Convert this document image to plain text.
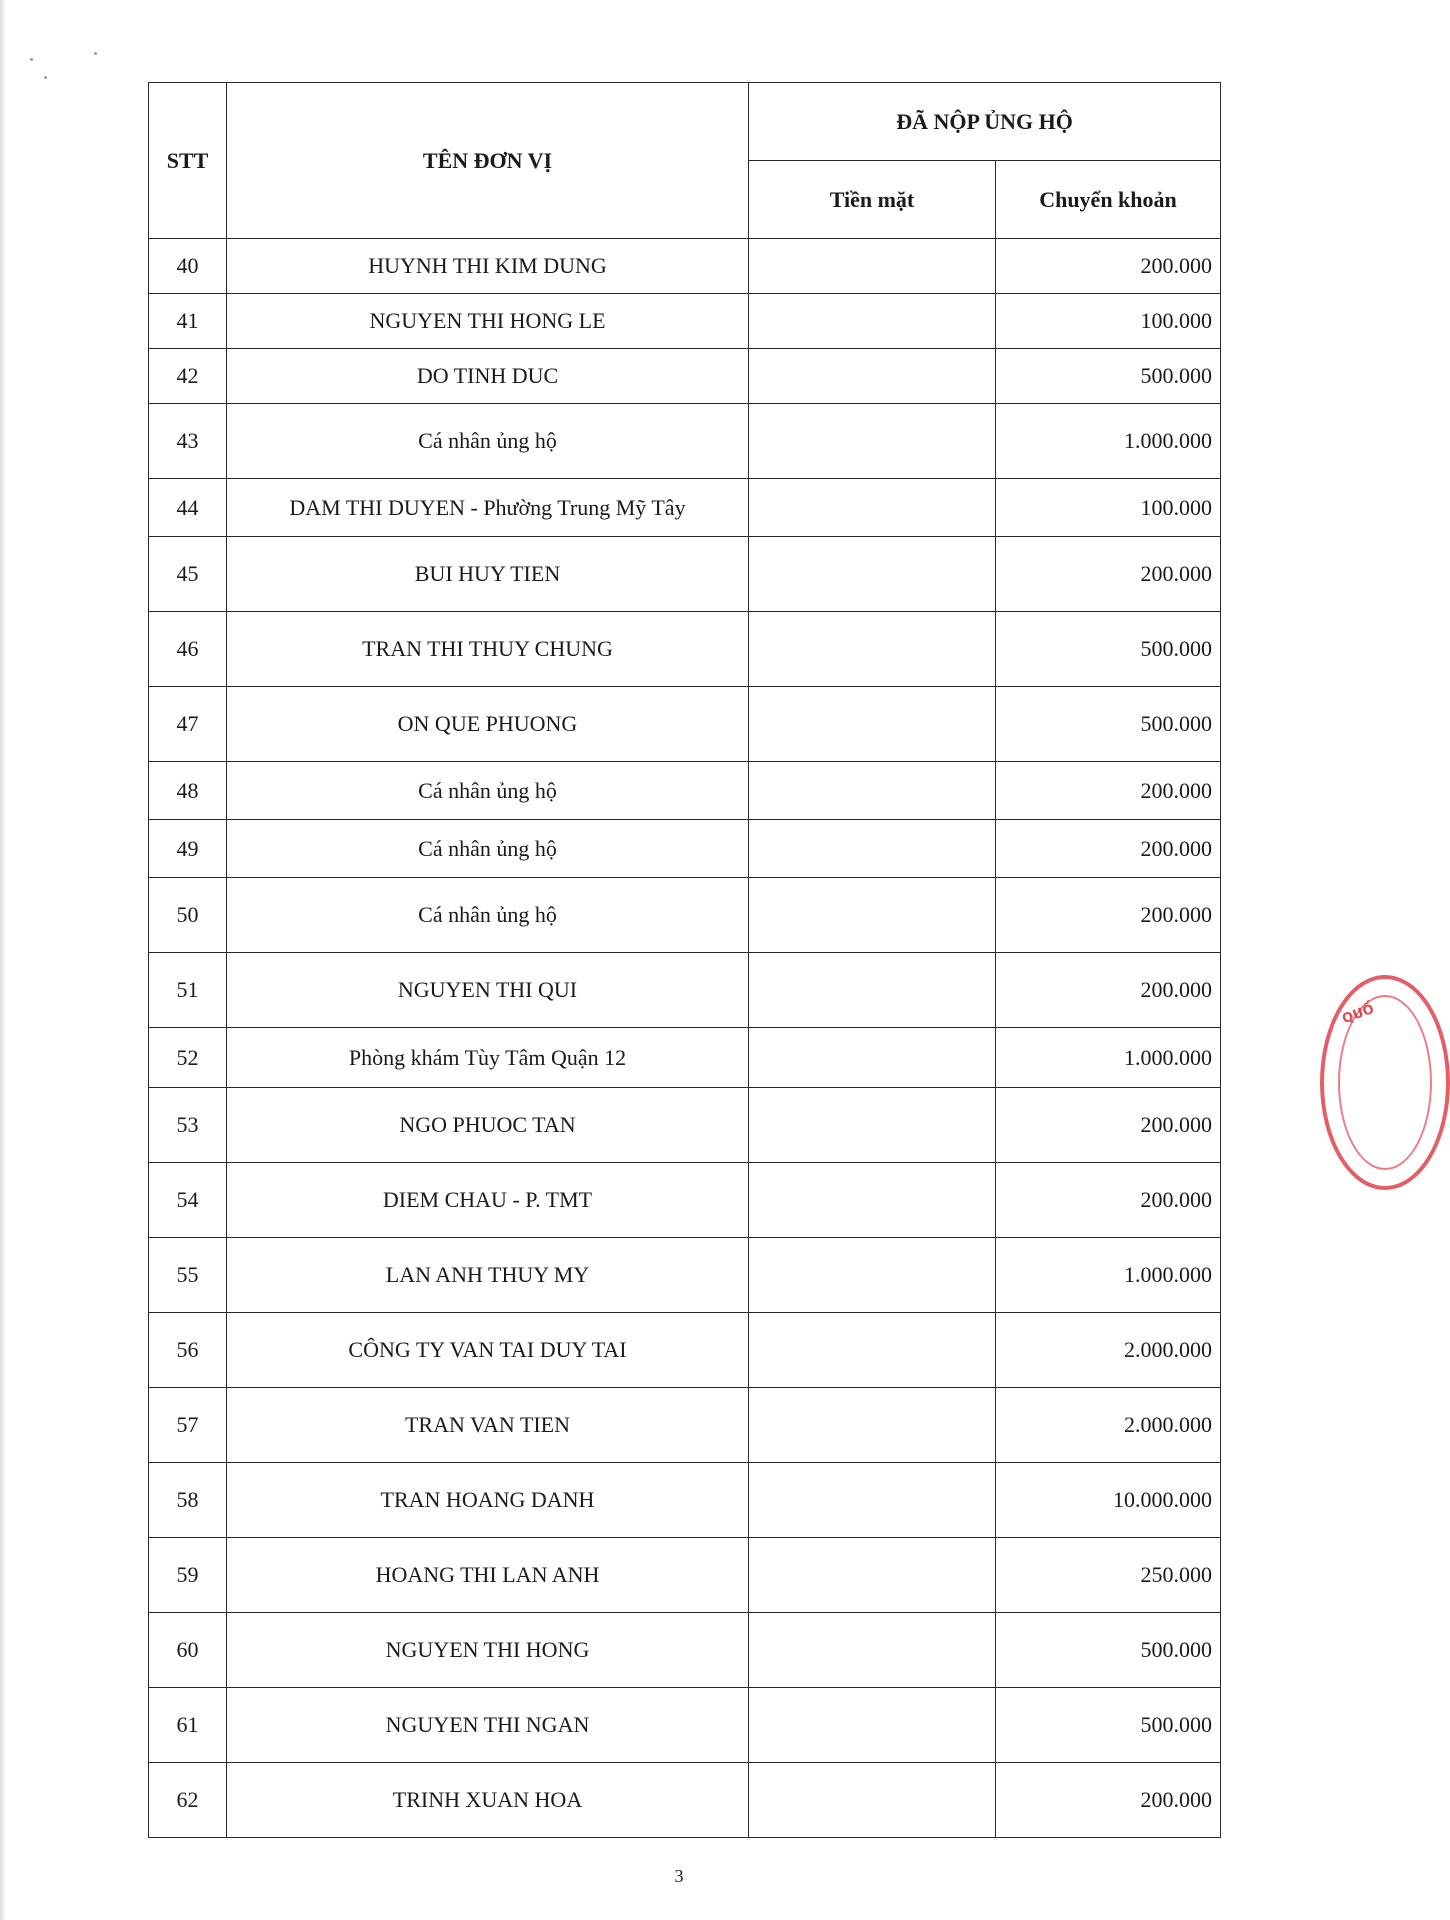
STT	TÊN ĐƠN VỊ	ĐÃ NỘP ỦNG HỘ	
		Tiền mặt	Chuyển khoản
40	HUYNH THI KIM DUNG		200.000
41	NGUYEN THI HONG LE		100.000
42	DO TINH DUC		500.000
43	Cá nhân ủng hộ		1.000.000
44	DAM THI DUYEN - Phường Trung Mỹ Tây		100.000
45	BUI HUY TIEN		200.000
46	TRAN THI THUY CHUNG		500.000
47	ON QUE PHUONG		500.000
48	Cá nhân ủng hộ		200.000
49	Cá nhân ủng hộ		200.000
50	Cá nhân ủng hộ		200.000
51	NGUYEN THI QUI		200.000
52	Phòng khám Tùy Tâm Quận 12		1.000.000
53	NGO PHUOC TAN		200.000
54	DIEM CHAU - P. TMT		200.000
55	LAN ANH THUY MY		1.000.000
56	CÔNG TY VAN TAI DUY TAI		2.000.000
57	TRAN VAN TIEN		2.000.000
58	TRAN HOANG DANH		10.000.000
59	HOANG THI LAN ANH		250.000
60	NGUYEN THI HONG		500.000
61	NGUYEN THI NGAN		500.000
62	TRINH XUAN HOA		200.000
QUỐ
3
